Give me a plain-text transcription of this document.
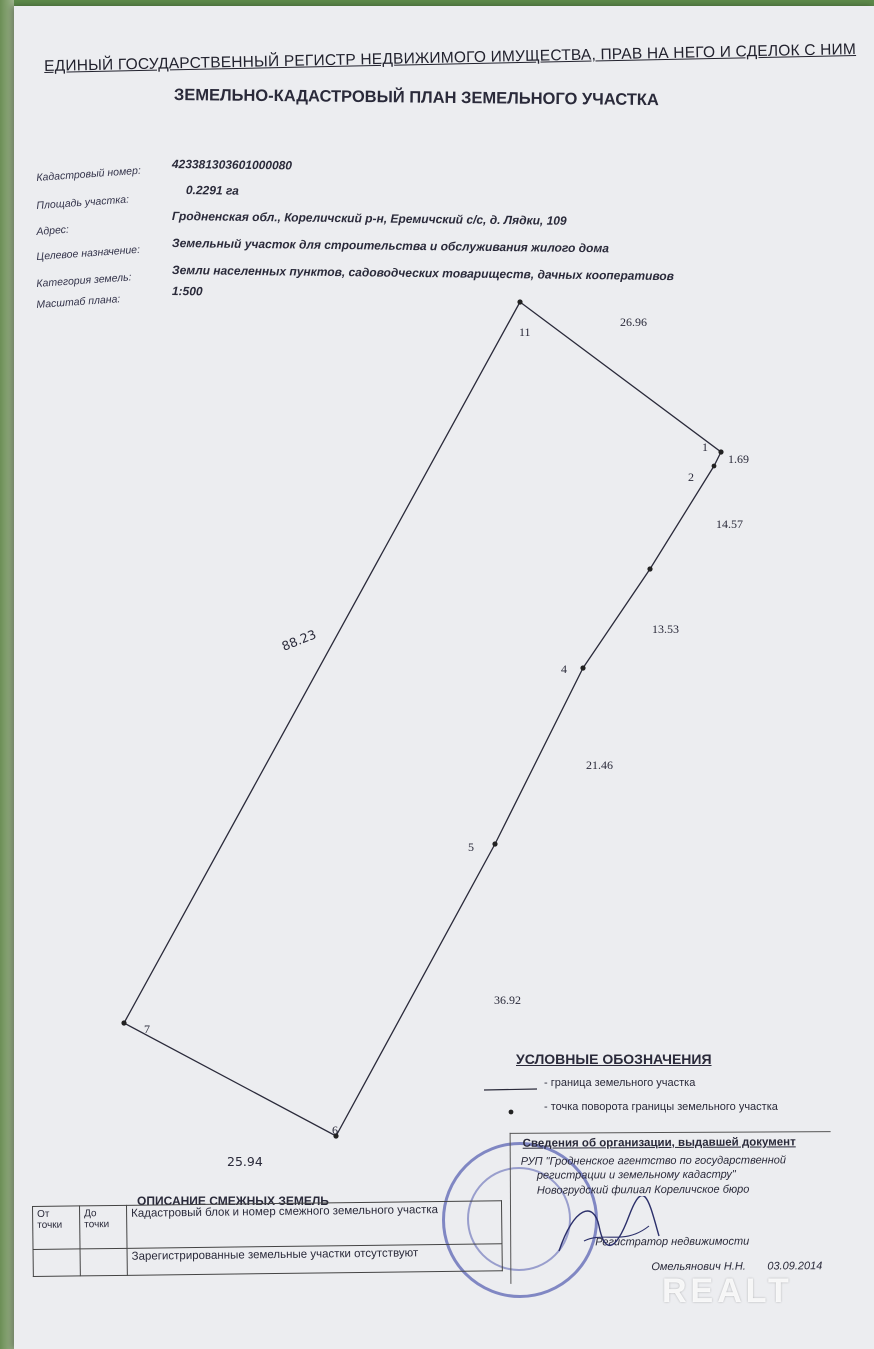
ЕДИНЫЙ ГОСУДАРСТВЕННЫЙ РЕГИСТР НЕДВИЖИМОГО ИМУЩЕСТВА, ПРАВ НА НЕГО И СДЕЛОК С НИМ
ЗЕМЕЛЬНО-КАДАСТРОВЫЙ ПЛАН ЗЕМЕЛЬНОГО УЧАСТКА
Кадастровый номер:	423381303601000080
Площадь участка:
0.2291 га
Адрес:
Гродненская обл., Кореличский р-н, Еремичский с/с, д. Лядки, 109
Целевое назначение:	Земельный участок для строительства и обслуживания жилого дома
Категория земель:	Земли населенных пунктов, садоводческих товариществ, дачных кооперативов
Масштаб плана:
1:500
11
1
2
4
5
6
7
26.96
1.69
14.57
13.53
21.46
36.92
25.94
88.23
УСЛОВНЫЕ ОБОЗНАЧЕНИЯ
- граница земельного участка
- точка поворота границы земельного участка
Сведения об организации, выдавшей документ
РУП "Гродненское агентство по государственной
регистрации и земельному кадастру"
Новогрудский филиал Кореличское бюро
Регистратор недвижимости
Омельянович Н.Н. 03.09.2014
ОПИСАНИЕ СМЕЖНЫХ ЗЕМЕЛЬ
От точки	До точки	Кадастровый блок и номер смежного земельного участка
		Зарегистрированные земельные участки отсутствуют
REALT
